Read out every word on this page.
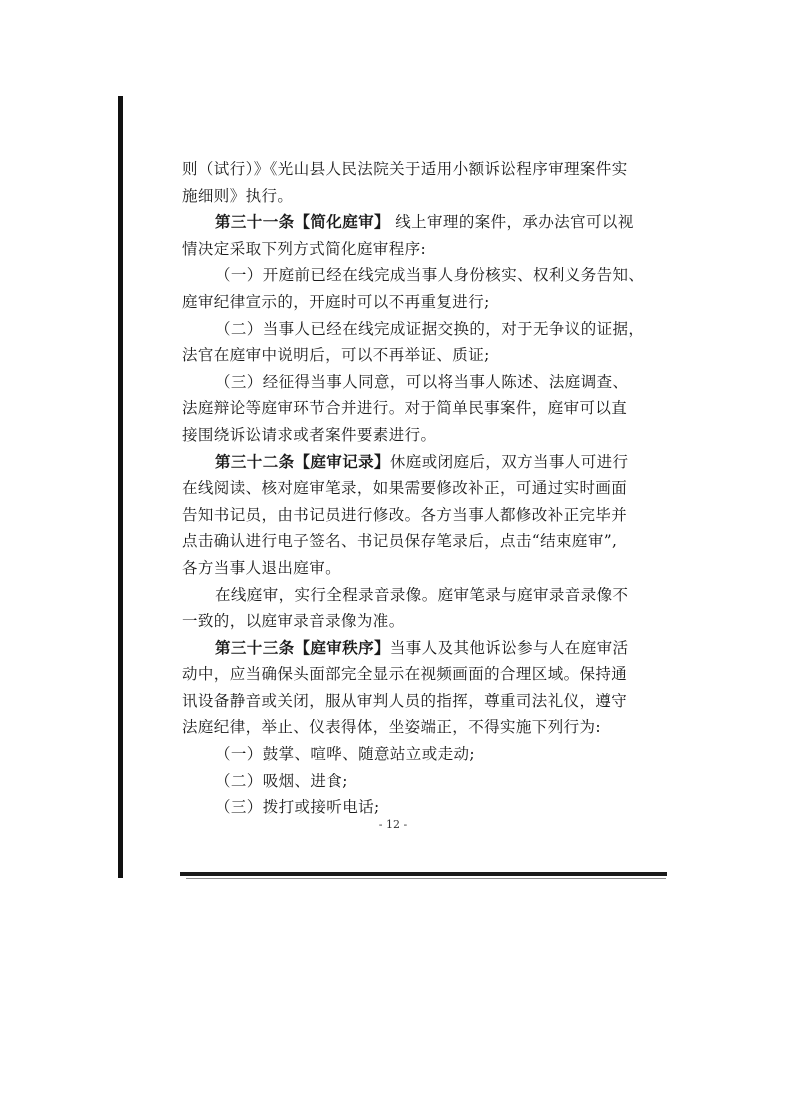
则（试行）》《光山县人民法院关于适用小额诉讼程序审理案件实

施细则》执行。

第三十一条【简化庭审】 线上审理的案件，承办法官可以视

情决定采取下列方式简化庭审程序:

（一）开庭前已经在线完成当事人身份核实、权利义务告知、

庭审纪律宣示的，开庭时可以不再重复进行;

（二）当事人已经在线完成证据交换的，对于无争议的证据，

法官在庭审中说明后，可以不再举证、质证;

（三）经征得当事人同意，可以将当事人陈述、法庭调查、

法庭辩论等庭审环节合并进行。对于简单民事案件，庭审可以直

接围绕诉讼请求或者案件要素进行。

第三十二条【庭审记录】休庭或闭庭后，双方当事人可进行

在线阅读、核对庭审笔录，如果需要修改补正，可通过实时画面

告知书记员，由书记员进行修改。各方当事人都修改补正完毕并

点击确认进行电子签名、书记员保存笔录后，点击“结束庭审”,

各方当事人退出庭审。

在线庭审，实行全程录音录像。庭审笔录与庭审录音录像不

一致的，以庭审录音录像为准。

第三十三条【庭审秩序】当事人及其他诉讼参与人在庭审活

动中，应当确保头面部完全显示在视频画面的合理区域。保持通

讯设备静音或关闭，服从审判人员的指挥，尊重司法礼仪，遵守

法庭纪律，举止、仪表得体，坐姿端正，不得实施下列行为:

（一）鼓掌、喧哗、随意站立或走动;

（二）吸烟、进食;

（三）拨打或接听电话;

- 12 -
